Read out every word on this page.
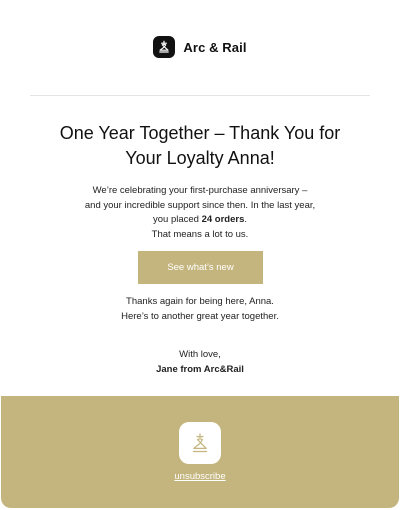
Arc & Rail
One Year Together – Thank You for
Your Loyalty Anna!
We’re celebrating your first-purchase anniversary –
and your incredible support since then. In the last year,
you placed 24 orders.
That means a lot to us.
See what’s new
Thanks again for being here, Anna.
Here’s to another great year together.
With love,
Jane from Arc&Rail
unsubscribe
